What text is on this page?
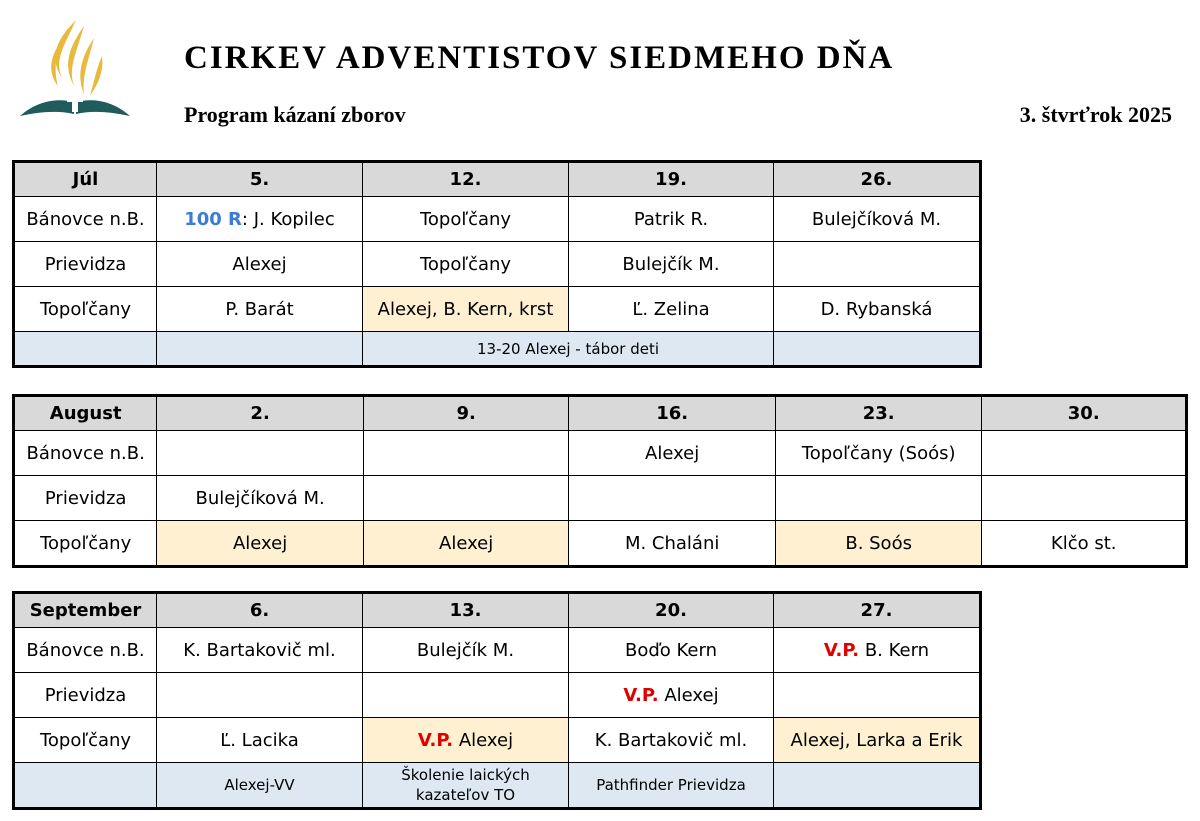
CIRKEV ADVENTISTOV SIEDMEHO DŇA
Program kázaní zborov	3. štvrťrok 2025
Júl	5.	12.	19.	26.
Bánovce n.B.	100 R: J. Kopilec	Topoľčany	Patrik R.	Bulejčíková M.
Prievidza	Alexej	Topoľčany	Bulejčík M.	
Topoľčany	P. Barát	Alexej, B. Kern, krst	Ľ. Zelina	D. Rybanská
		13-20 Alexej - tábor deti		
August	2.	9.	16.	23.	30.
Bánovce n.B.			Alexej	Topoľčany (Soós)	
Prievidza	Bulejčíková M.				
Topoľčany	Alexej	Alexej	M. Chaláni	B. Soós	Klčo st.
September	6.	13.	20.	27.
Bánovce n.B.	K. Bartakovič ml.	Bulejčík M.	Boďo Kern	V.P. B. Kern
Prievidza			V.P. Alexej	
Topoľčany	Ľ. Lacika	V.P. Alexej	K. Bartakovič ml.	Alexej, Larka a Erik
	Alexej-VV	Školenie laických kazateľov TO	Pathfinder Prievidza	
